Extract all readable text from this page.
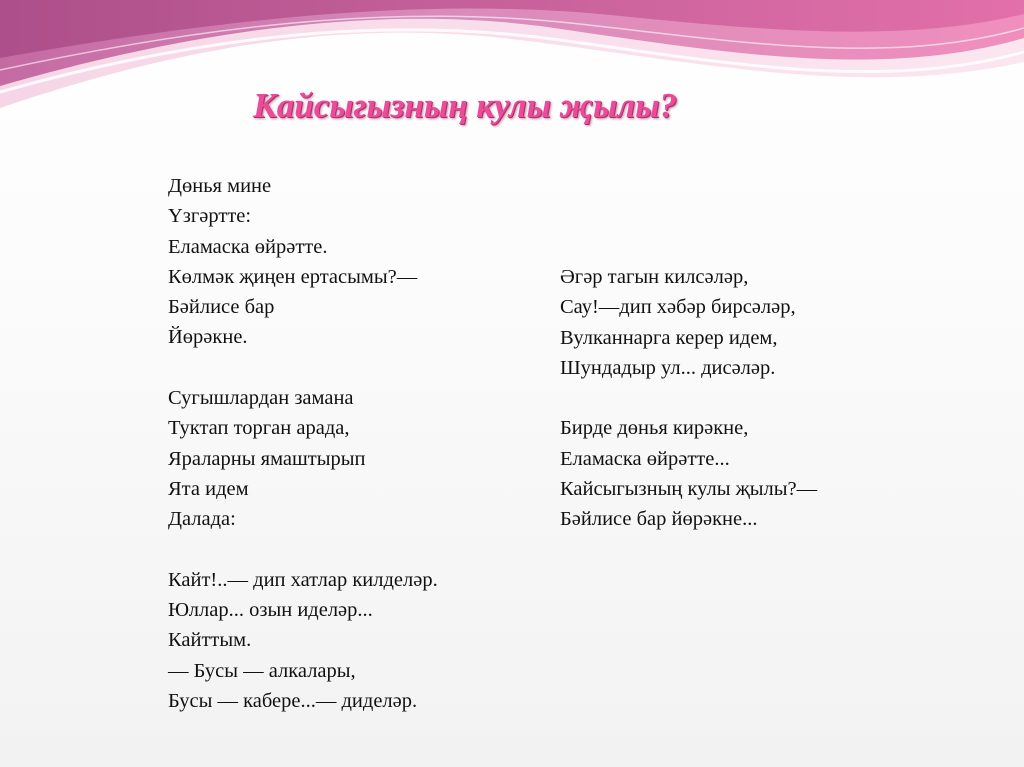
Кайсыгызның кулы җылы?
Дөнья мине
Үзгәртте:
Еламаска өйрәтте.
Көлмәк җиңен ертасымы?—
Бәйлисе бар
Йөрәкне.
Сугышлардан замана
Туктап торган арада,
Яраларны ямаштырып
Ята идем
Далада:
Кайт!..— дип хатлар килделәр.
Юллар... озын иделәр...
Кайттым.
— Бусы — алкалары,
Бусы — кабере...— диделәр.
Әгәр тагын килсәләр,
Сау!—дип хәбәр бирсәләр,
Вулканнарга керер идем,
Шундадыр ул... дисәләр.
Бирде дөнья кирәкне,
Еламаска өйрәтте...
Кайсыгызның кулы җылы?—
Бәйлисе бар йөрәкне...
